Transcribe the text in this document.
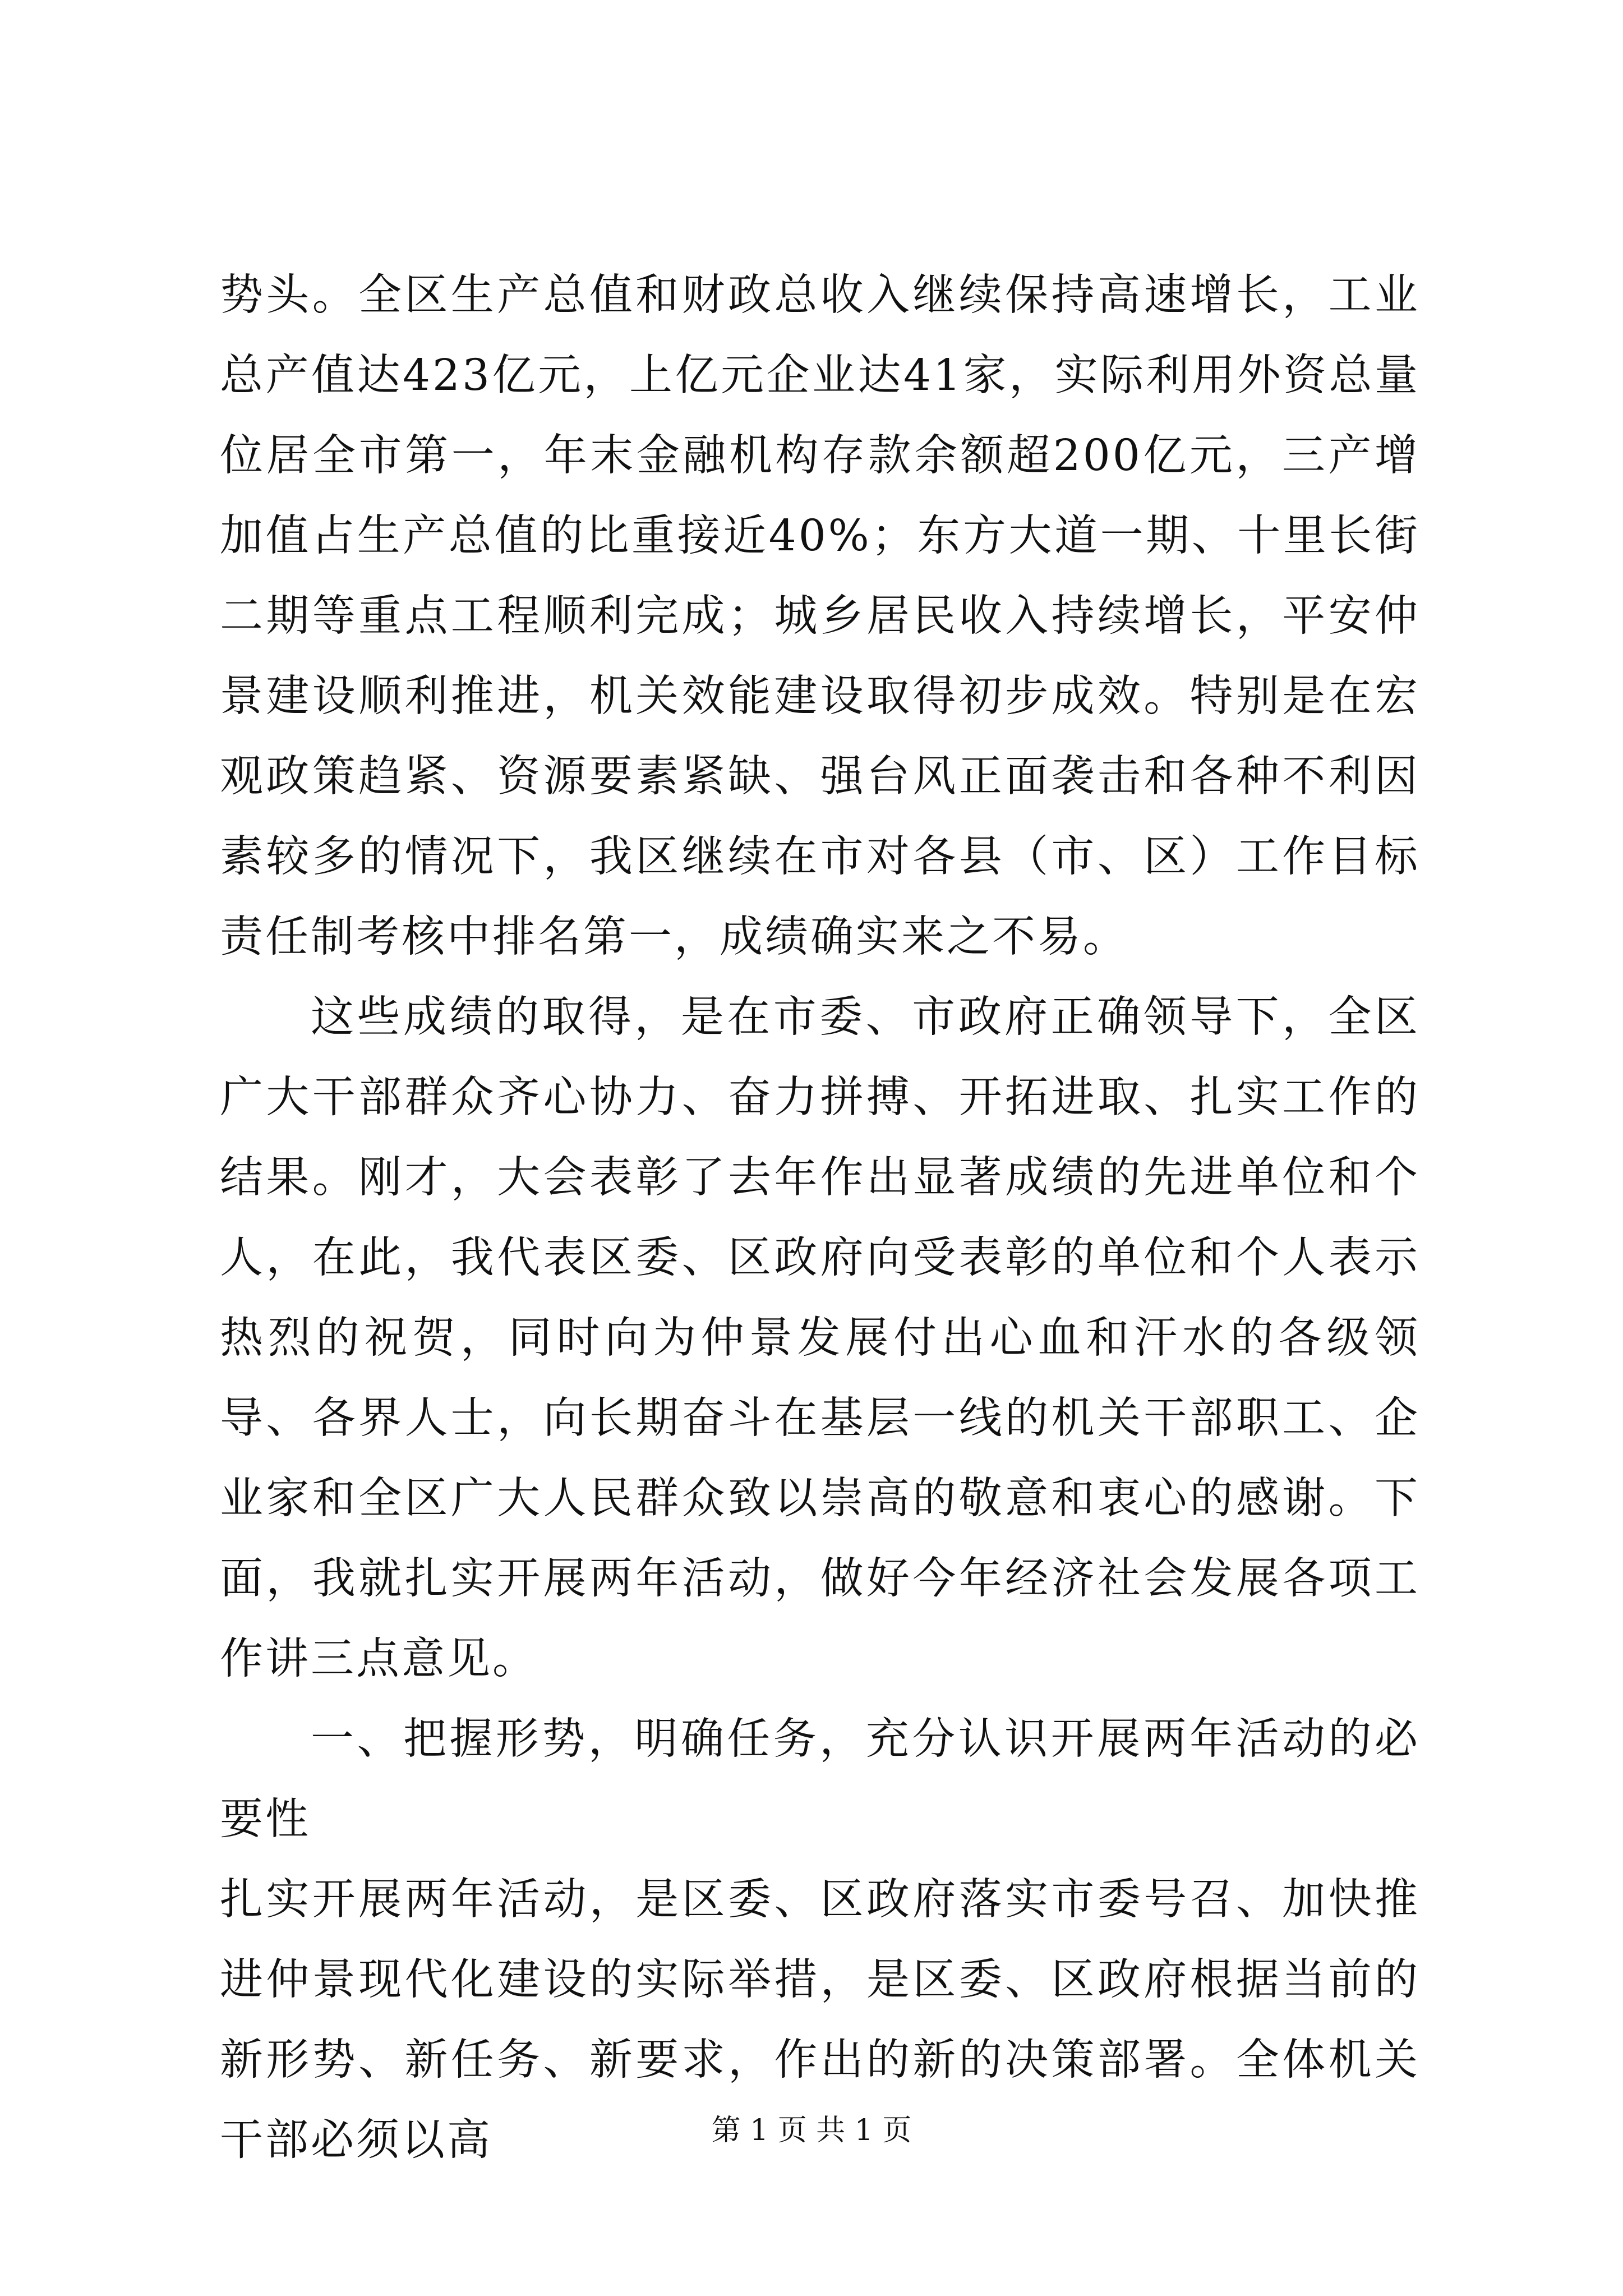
势头。全区生产总值和财政总收入继续保持高速增长，工业总产值达423亿元，上亿元企业达41家，实际利用外资总量位居全市第一，年末金融机构存款余额超200亿元，三产增加值占生产总值的比重接近40%；东方大道一期、十里长街二期等重点工程顺利完成；城乡居民收入持续增长，平安仲景建设顺利推进，机关效能建设取得初步成效。特别是在宏观政策趋紧、资源要素紧缺、强台风正面袭击和各种不利因素较多的情况下，我区继续在市对各县（市、区）工作目标责任制考核中排名第一，成绩确实来之不易。

这些成绩的取得，是在市委、市政府正确领导下，全区广大干部群众齐心协力、奋力拼搏、开拓进取、扎实工作的结果。刚才，大会表彰了去年作出显著成绩的先进单位和个人，在此，我代表区委、区政府向受表彰的单位和个人表示热烈的祝贺，同时向为仲景发展付出心血和汗水的各级领导、各界人士，向长期奋斗在基层一线的机关干部职工、企业家和全区广大人民群众致以崇高的敬意和衷心的感谢。下面，我就扎实开展两年活动，做好今年经济社会发展各项工作讲三点意见。

一、把握形势，明确任务，充分认识开展两年活动的必要性

扎实开展两年活动，是区委、区政府落实市委号召、加快推进仲景现代化建设的实际举措，是区委、区政府根据当前的新形势、新任务、新要求，作出的新的决策部署。全体机关干部必须以高	第 1 页 共 1 页
